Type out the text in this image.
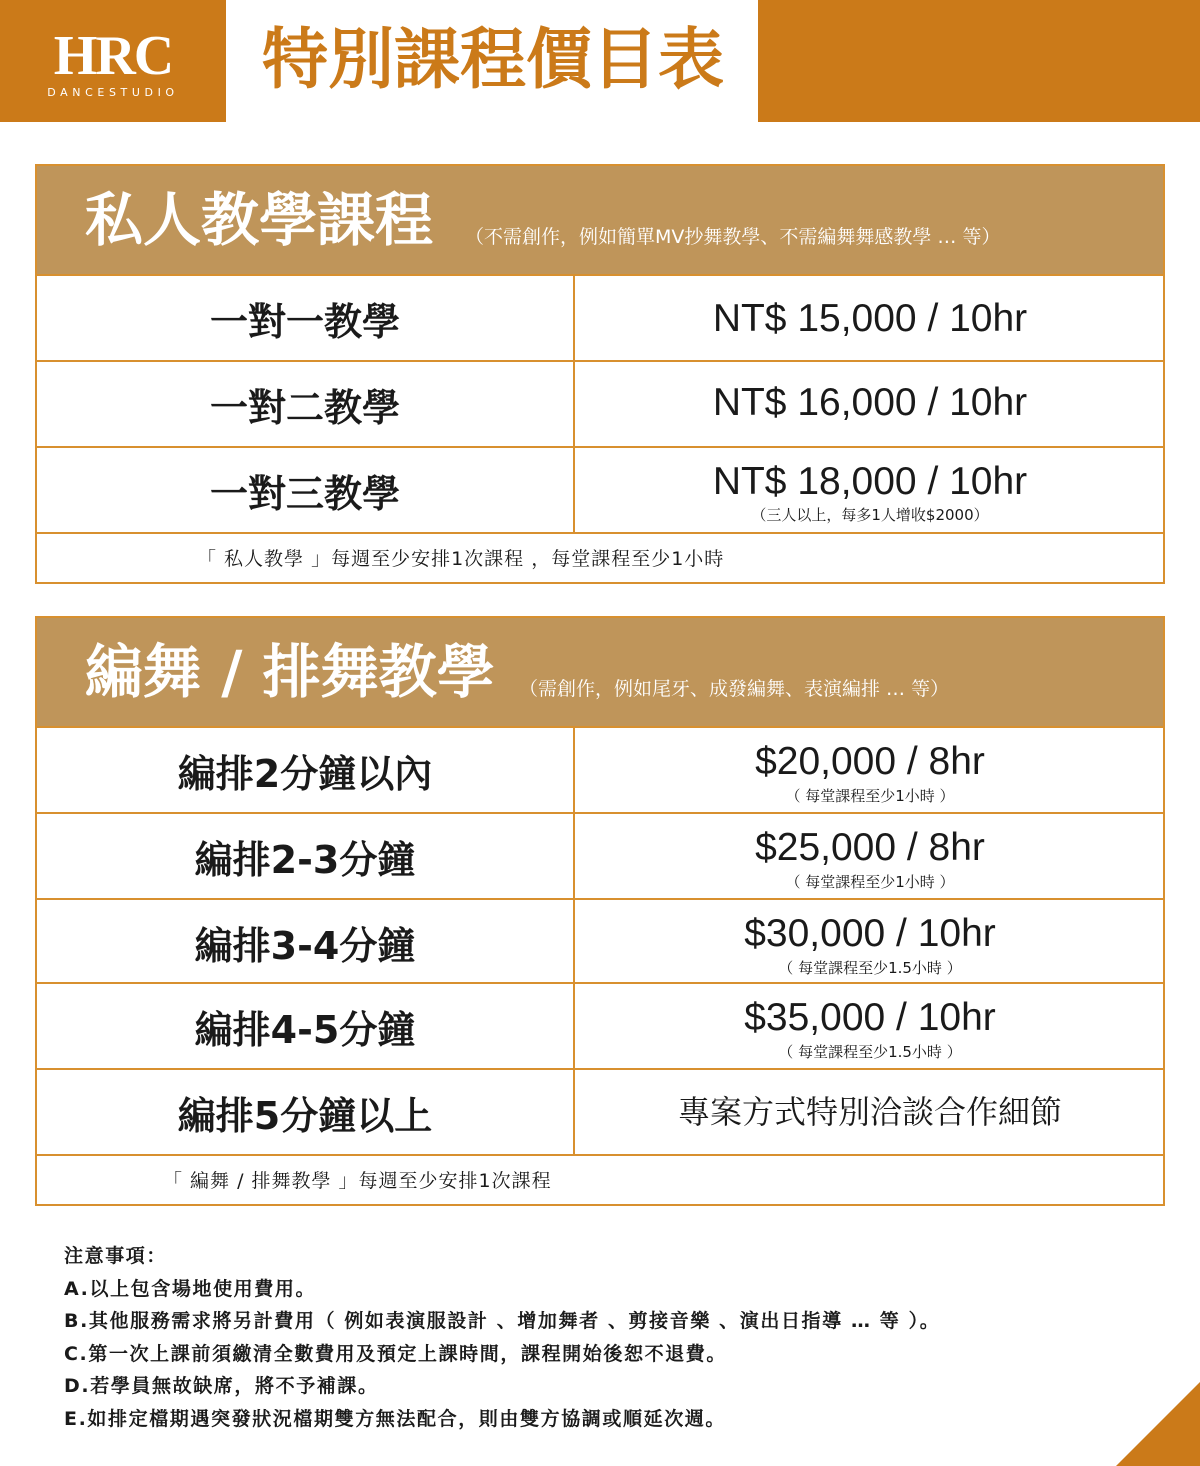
HRC
DANCESTUDIO	特別課程價目表
私人教學課程 （不需創作，例如簡單MV抄舞教學、不需編舞舞感教學 … 等）
一對一教學	NT$ 15,000 / 10hr
一對二教學	NT$ 16,000 / 10hr
一對三教學	NT$ 18,000 / 10hr
（三人以上，每多1人增收$2000）
「 私人教學 」每週至少安排1次課程 ，每堂課程至少1小時
編舞 / 排舞教學 （需創作，例如尾牙、成發編舞、表演編排 … 等）
編排2分鐘以內	$20,000 / 8hr
（ 每堂課程至少1小時 ）
編排2-3分鐘	$25,000 / 8hr
（ 每堂課程至少1小時 ）
編排3-4分鐘	$30,000 / 10hr
（ 每堂課程至少1.5小時 ）
編排4-5分鐘	$35,000 / 10hr
（ 每堂課程至少1.5小時 ）
編排5分鐘以上	專案方式特別洽談合作細節
「 編舞 / 排舞教學 」每週至少安排1次課程
注意事項：
A.以上包含場地使用費用。
B.其他服務需求將另計費用（ 例如表演服設計 、增加舞者 、剪接音樂 、演出日指導 … 等 ）。
C.第一次上課前須繳清全數費用及預定上課時間，課程開始後恕不退費。
D.若學員無故缺席，將不予補課。
E.如排定檔期遇突發狀況檔期雙方無法配合，則由雙方協調或順延次週。
